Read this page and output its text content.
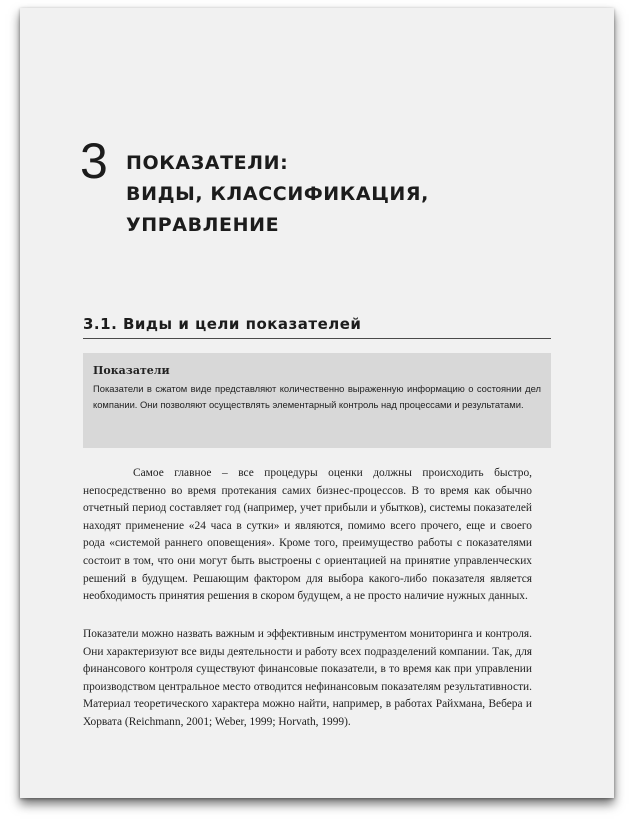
3 ПОКАЗАТЕЛИ:
ВИДЫ, КЛАССИФИКАЦИЯ,
УПРАВЛЕНИЕ
3.1. Виды и цели показателей

Показатели

Показатели в сжатом виде представляют количественно выраженную информацию о состоянии дел компании. Они позволяют осуществлять элементарный контроль над процессами и результатами.

Самое главное – все процедуры оценки должны происходить быстро, непосредственно во время протекания самих бизнес-процессов. В то время как обычно отчетный период составляет год (например, учет прибыли и убытков), системы показателей находят применение «24 часа в сутки» и являются, помимо всего прочего, еще и своего рода «системой раннего оповещения». Кроме того, преимущество работы с показателями состоит в том, что они могут быть выстроены с ориентацией на принятие управленческих решений в будущем. Решающим фактором для выбора какого-либо показателя является необходимость принятия решения в скором будущем, а не просто наличие нужных данных.

Показатели можно назвать важным и эффективным инструментом мониторинга и контроля. Они характеризуют все виды деятельности и работу всех подразделений компании. Так, для финансового контроля существуют финансовые показатели, в то время как при управлении производством центральное место отводится нефинансовым показателям результативности. Материал теоретического характера можно найти, например, в работах Райхмана, Вебера и Хорвата (Reichmann, 2001; Weber, 1999; Horvath, 1999).
